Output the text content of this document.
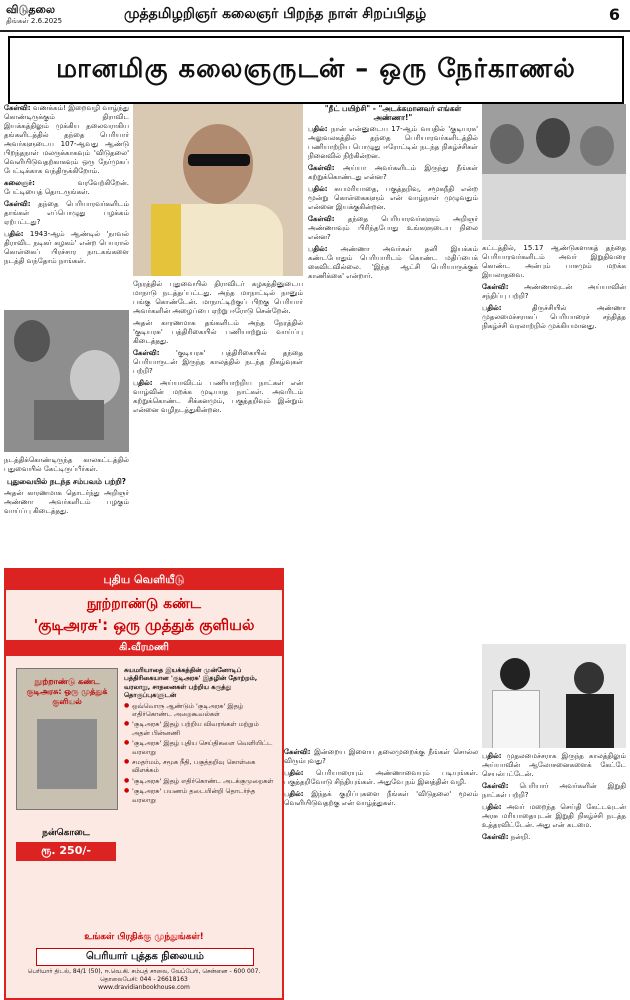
விடுதலை
திங்கள் 2.6.2025	முத்தமிழறிஞர் கலைஞர் பிறந்த நாள் சிறப்பிதழ்	6
மானமிகு கலைஞருடன் – ஒரு நேர்காணல்

கேள்வி: வணக்கம்! இறைவழி வாழ்ந்து கொண்டிருக்கும் திராவிட இயக்கத்திலும் முக்கிய தலைவராகிய தங்களிடத்தில் தந்தை பெரியார் அவர்களுடைய 107-ஆவது ஆண்டு பிறந்தநாள் மலருக்காகவும் 'விடுதலை' வெளியிடுவதற்காகவும் ஒரு நேர்முகப் பேட்டிக்காக வந்திருக்கிறோம்.

கலைஞர்:	வரவேற்கிறேன். பேட்டியைத் தொடருங்கள்.

கேள்வி: தந்தை பெரியாரவர்களிடம் தாங்கள் எப்பொழுது பழக்கம் ஏற்பட்டது?

பதில்: 1943-ஆம் ஆண்டில் 'நாவல் திராவிட நடிகர் கழகம்' என்ற பெயரால் கொள்கைப் பிரச்சார நாடகங்களை நடத்தி வந்தோம் நாங்கள்.

நேரத்தில் புதுவையில் திராவிடர் கழகத்தினுடைய மாநாடு நடத்தப்பட்டது. அந்த மாநாட்டில் நானும் பங்கு கொண்டேன். மாநாட்டிற்குப் பிறகு பெரியார் அவர்களின் அழைப்பை ஏற்று ஈரோடு சென்றேன்.

அதன் காரணமாக தங்களிடம் அந்த நேரத்தில் 'குடியரசு' பத்திரிகையில் பணியாற்றும் வாய்ப்பு கிடைத்தது.

கேள்வி: 'குடியரசு' பத்திரிகையில் தந்தை பெரியாருடன் இருந்த காலத்தில் நடந்த நிகழ்வுகள் பற்றி?

பதில்: அய்யாவிடம் பணியாற்றிய நாட்கள் என் வாழ்வின் மறக்க முடியாத நாட்கள். அவரிடம் கற்றுக்கொண்ட சிக்கனமும், பகுத்தறிவும் இன்றும் என்னை வழிநடத்துகின்றன.

நடத்திக்கொண்டிருந்த காலகட்டத்தில் புதுவையில் கேட்டிருப்பீர்கள்.

புதுவையில் நடந்த சம்பவம் பற்றி?

அதன் காரணமாக தொடர்ந்து அறிஞர் அண்ணா அவர்களிடம் பழகும் வாய்ப்பு கிடைத்தது.

"நீட் பயிற்சி" - "அடக்கமானவர் எங்கள் அண்ணா!"

பதில்: நான் என்னுடைய 17-ஆம் வயதில் 'குடியரசு' அலுவலகத்தில் தந்தை பெரியாரவர்களிடத்தில் பணியாற்றிய பொழுது ஈரோட்டில் நடந்த நிகழ்ச்சிகள் நினைவில் நிற்கின்றன.

கேள்வி: அய்யா அவர்களிடம் இருந்து நீங்கள் கற்றுக்கொண்டது என்ன?

பதில்: சுயமரியாதை, பகுத்தறிவு, சமூகநீதி என்ற மூன்று கொள்கைகளும் என் வாழ்நாள் முழுவதும் என்னை இயக்குகின்றன.

கேள்வி: தந்தை பெரியாரவர்களும் அறிஞர் அண்ணாவும் பிரிந்தபோது உங்களுடைய நிலை என்ன?

பதில்: அண்ணா அவர்கள் தனி இயக்கம் கண்டபோதும் பெரியாரிடம் கொண்ட மதிப்பைக் கைவிடவில்லை. 'இந்த ஆட்சி பெரியாருக்குக் காணிக்கை' என்றார்.

கேள்வி: இன்றைய இளைய தலைமுறைக்கு நீங்கள் சொல்ல விரும்புவது?

பதில்: பெரியாரையும் அண்ணாவையும் படியுங்கள். பகுத்தறிவோடு சிந்தியுங்கள். அதுவே நம் இனத்தின் வழி.

பதில்: இந்தக் குறிப்புகளை நீங்கள் 'விடுதலை' மூலம் வெளியிடுவதற்கு என் வாழ்த்துகள்.

கட்டத்தில், 15.17 ஆண்டுகளாகத் தந்தை பெரியாரவர்களிடம் அவர் இறுதிவரை கொண்ட அன்பும் பாசமும் மறக்க இயலாதவை.

கேள்வி: அண்ணாவுடன் அய்யாவின் சந்திப்பு பற்றி?

பதில்:	திருச்சியில் அண்ணா முதலமைச்சராகப் பெரியாரைச் சந்தித்த நிகழ்ச்சி வரலாற்றில் முக்கியமானது.

பதில்: முதலமைச்சராக இருந்த காலத்திலும் அய்யாவின் ஆலோசனைகளைக் கேட்டே செயல்பட்டேன்.

கேள்வி: பெரியார் அவர்களின் இறுதி நாட்கள் பற்றி?

பதில்: அவர் மறைந்த செய்தி கேட்டவுடன் அரசு மரியாதையுடன் இறுதி நிகழ்ச்சி நடத்த உத்தரவிட்டேன். அது என் கடமை.

கேள்வி: நன்றி.

புதிய வெளியீடு
நூற்றாண்டு கண்ட
'குடிஅரசு': ஒரு முத்துக் குளியல்
கி.வீரமணி
நூற்றாண்டு கண்ட குடிஅரசு: ஒரு முத்துக் குளியல்

சுயமரியாதை இயக்கத்தின் முன்னோடிப் பத்திரிகையான 'குடிஅரசு' இதழின் தோற்றம், வரலாறு, சாதனைகள் பற்றிய கருத்து தொகுப்புகளுடன்

● ஒவ்வொரு ஆண்டும் 'குடிஅரசு' இதழ் எதிர்கொண்ட அறைகூவல்கள்

● 'குடிஅரசு' இதழ் பற்றிய விவரங்கள் மற்றும் அதன் பின்னணி

● 'குடிஅரசு' இதழ் புதிய செய்திகளை வெளியிட்ட வரலாறு

● சமதர்மம், சமூக நீதி, பகுத்தறிவு கொள்கை விளக்கம்

● 'குடிஅரசு' இதழ் எதிர்கொண்ட அடக்குமுறைகள்

● 'குடிஅரசு' பயணம் தடையின்றி தொடர்ந்த வரலாறு

நன்கொடை
ரூ. 250/-
உங்கள் பிரதிக்கு முந்துங்கள்!
பெரியார் புத்தக நிலையம்
பெரியார் திடல், 84/1 (50), ஈ.வெ.கி. சம்பத் சாலை, வேப்பேரி, சென்னை - 600 007. தொலைபேசி: 044 - 26618163
www.dravidianbookhouse.com
